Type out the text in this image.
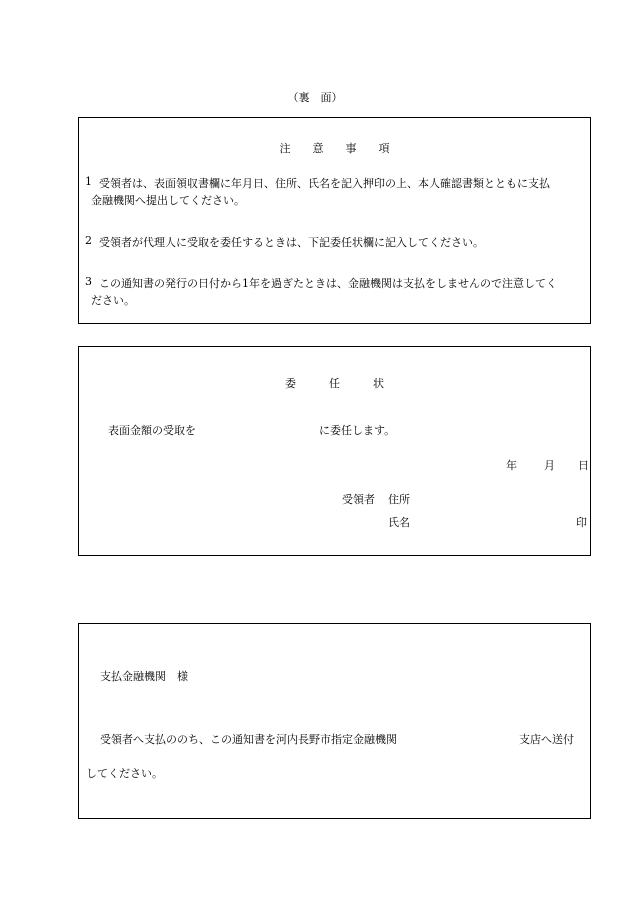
（裏　面）
注　　意　　事　　項
1 受領者は、表面領収書欄に年月日、住所、氏名を記入押印の上、本人確認書類とともに支払
金融機関へ提出してください。
2 受領者が代理人に受取を委任するときは、下記委任状欄に記入してください。
3 この通知書の発行の日付から1年を過ぎたときは、金融機関は支払をしませんので注意してく
ださい。
委　　　任　　　状
表面金額の受取を	に委任します。
年 月 日
受領者 住所
氏名	印
支払金融機関　様
受領者へ支払ののち、この通知書を河内長野市指定金融機関	支店へ送付
してください。
